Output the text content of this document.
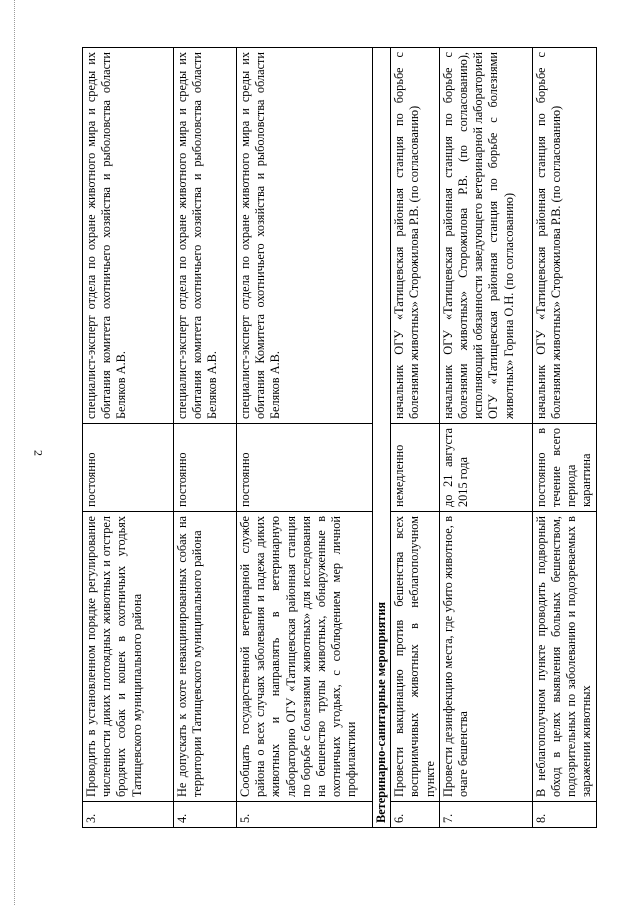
2
3.	Проводить в установленном порядке регулирование численности диких плотоядных животных и отстрел бродячих собак и кошек в охотничьих угодьях Татищевского муниципального района	постоянно	специалист-эксперт отдела по охране животного мира и среды их обитания комитета охотничьего хозяйства и рыболовства области Беляков А.В.
4.	Не допускать к охоте невакцинированных собак на территории Татищевского муниципального района	постоянно	специалист-эксперт отдела по охране животного мира и среды их обитания комитета охотничьего хозяйства и рыболовства области Беляков А.В.
5.	Сообщать государственной ветеринарной службе района о всех случаях заболевания и падежа диких животных и направлять в ветеринарную лабораторию ОГУ «Татищевская районная станция по борьбе с болезнями животных» для исследования на бешенство трупы животных, обнаруженные в охотничьих угодьях, с соблюдением мер личной профилактики	постоянно	специалист-эксперт отдела по охране животного мира и среды их обитания Комитета охотничьего хозяйства и рыболовства области Беляков А.В.
Ветеринарно-санитарные мероприятия			
6.	Провести вакцинацию против бешенства всех восприимчивых животных в неблагополучном пункте	немедленно	начальник ОГУ «Татищевская районная станция по борьбе с болезнями животных» Сторожилова Р.В. (по согласованию)
7.	Провести дезинфекцию места, где убито животное, в очаге бешенства	до 21 августа 2015 года	начальник ОГУ «Татищевская районная станция по борьбе с болезнями животных» Сторожилова Р.В. (по согласованию), исполняющий обязанности заведующего ветеринарной лабораторией ОГУ «Татищевская районная станция по борьбе с болезнями животных» Горина О.Н. (по согласованию)
8.	В неблагополучном пункте проводить подворный обход в целях выявления больных бешенством, подозрительных по заболеванию и подозреваемых в заражении животных	постоянно в течение всего периода карантина	начальник ОГУ «Татищевская районная станция по борьбе с болезнями животных» Сторожилова Р.В. (по согласованию)
